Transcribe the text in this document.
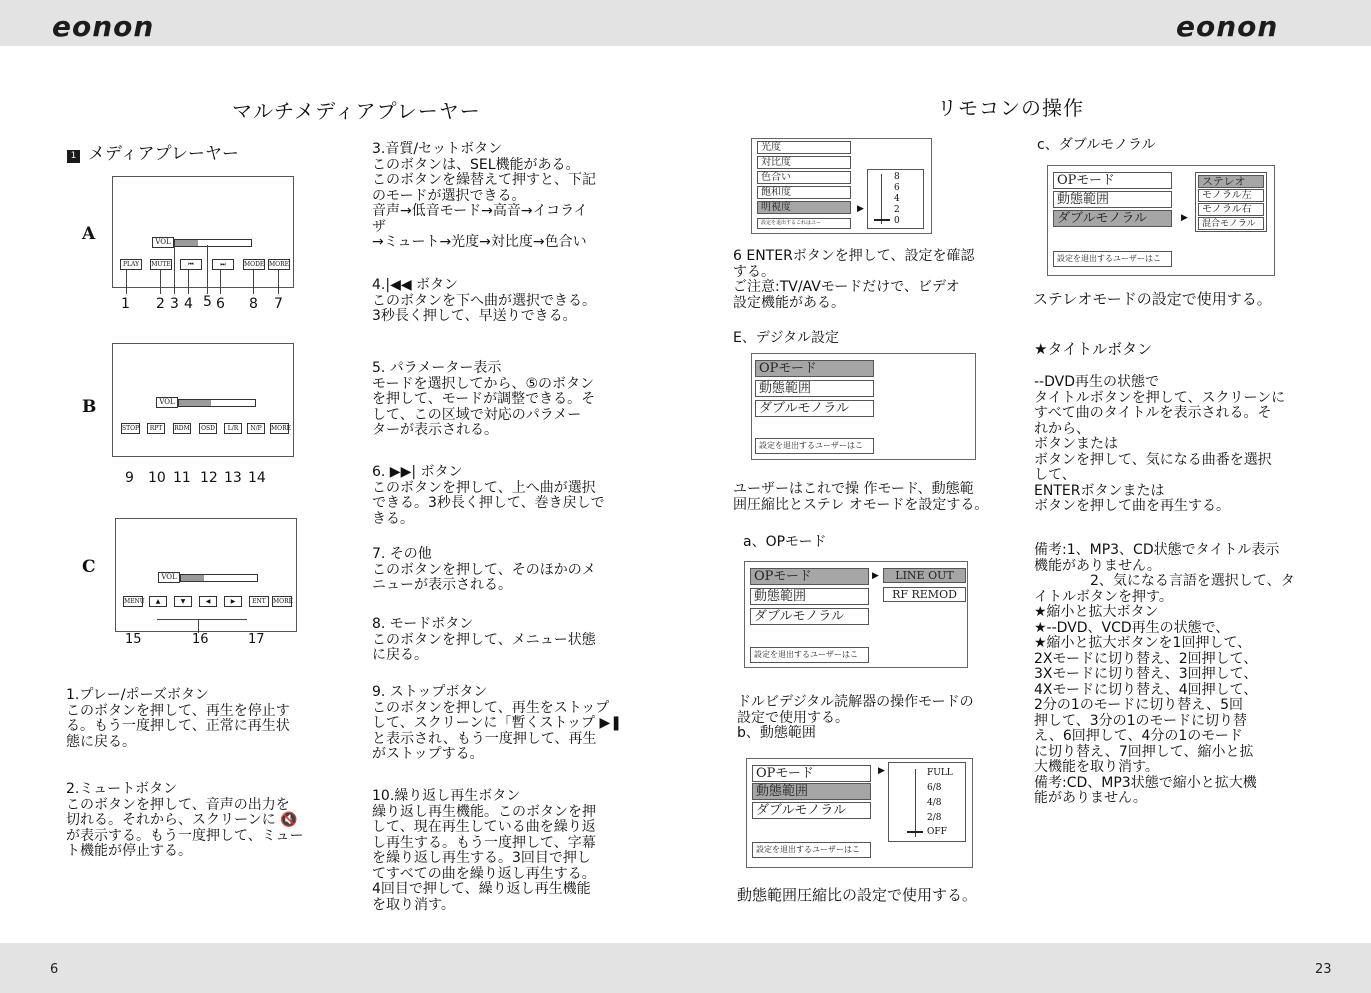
eonon	eonon
6	23
マルチメディアプレーヤー
1 メディアプレーヤー
A	VOL
PLAY	MUTE	⏮	⏭	MODE MORE
1 2 3 4 5 6 8 7
B	VOL
STOP	RPT	RDM	OSD	L/R	N/P	MORE
9 10 11 12 13 14
C	VOL
MENU	▲	▼	◀	▶	ENT	MORE
15	16	17
1.プレー/ポーズボタン
このボタンを押して、再生を停止す
る。もう一度押して、正常に再生状
態に戻る。
2.ミュートボタン
このボタンを押して、音声の出力を
切れる。それから、スクリーンに 🔇
が表示する。もう一度押して、ミュー
ト機能が停止する。
3.音質/セットボタン
このボタンは、SEL機能がある。
このボタンを繰替えて押すと、下記
のモードが選択できる。
音声→低音モード→高音→イコライ
ザ
→ミュート→光度→対比度→色合い
4.|◀◀ ボタン
このボタンを下へ曲が選択できる。
3秒長く押して、早送りできる。
5. パラメーター表示
モードを選択してから、⑤のボタン
を押して、モードが調整できる。そ
して、この区域で対応のパラメー
ターが表示される。
6. ▶▶| ボタン
このボタンを押して、上へ曲が選択
できる。3秒長く押して、巻き戻しで
きる。
7. その他
このボタンを押して、そのほかのメ
ニューが表示される。
8. モードボタン
このボタンを押して、メニュー状態
に戻る。
9. ストップボタン
このボタンを押して、再生をストップ
して、スクリーンに「暫くストップ ▶❚
と表示され、もう一度押して、再生
がストップする。
10.繰り返し再生ボタン
繰り返し再生機能。このボタンを押
して、現在再生している曲を繰り返
し再生する。もう一度押して、字幕
を繰り返し再生する。3回目で押し
てすべての曲を繰り返し再生する。
4回目で押して、繰り返し再生機能
を取り消す。
リモコンの操作
光度
対比度
色合い
飽和度
明視度
設定を退出するこれはユー
▶
8
6
4
2
0
6 ENTERボタンを押して、設定を確認
する。
ご注意:TV/AVモードだけで、ビデオ
設定機能がある。
E、デジタル設定
OPモード
動態範囲
ダブルモノラル
設定を退出するユーザーはこ
ユーザーはこれで操 作モード、動態範
囲圧縮比とステレ オモードを設定する。
a、OPモード
OPモード
動態範囲
ダブルモノラル
▶	LINE OUT
RF REMOD
設定を退出するユーザーはこ
ドルビデジタル読解器の操作モードの
設定で使用する。
b、動態範囲
OPモード
動態範囲
ダブルモノラル
▶	FULL
6/8
4/8
2/8
OFF
設定を退出するユーザーはこ
動態範囲圧縮比の設定で使用する。
c、ダブルモノラル
OPモード
動態範囲
ダブルモノラル	▶
ステレオ
モノラル左
モノラル右
混合モノラル
設定を退出するユーザーはこ
ステレオモードの設定で使用する。
★タイトルボタン
--DVD再生の状態で
タイトルボタンを押して、スクリーンに
すべて曲のタイトルを表示される。そ
れから、
ボタンまたは
ボタンを押して、気になる曲番を選択
して、
ENTERボタンまたは
ボタンを押して曲を再生する。
備考:1、MP3、CD状態でタイトル表示
機能がありません。
　　　　2、気になる言語を選択して、タ
イトルボタンを押す。
★縮小と拡大ボタン
★--DVD、VCD再生の状態で、
★縮小と拡大ボタンを1回押して、
2Xモードに切り替え、2回押して、
3Xモードに切り替え、3回押して、
4Xモードに切り替え、4回押して、
2分の1のモードに切り替え、5回
押して、3分の1のモードに切り替
え、6回押して、4分の1のモード
に切り替え、7回押して、縮小と拡
大機能を取り消す。
備考:CD、MP3状態で縮小と拡大機
能がありません。
